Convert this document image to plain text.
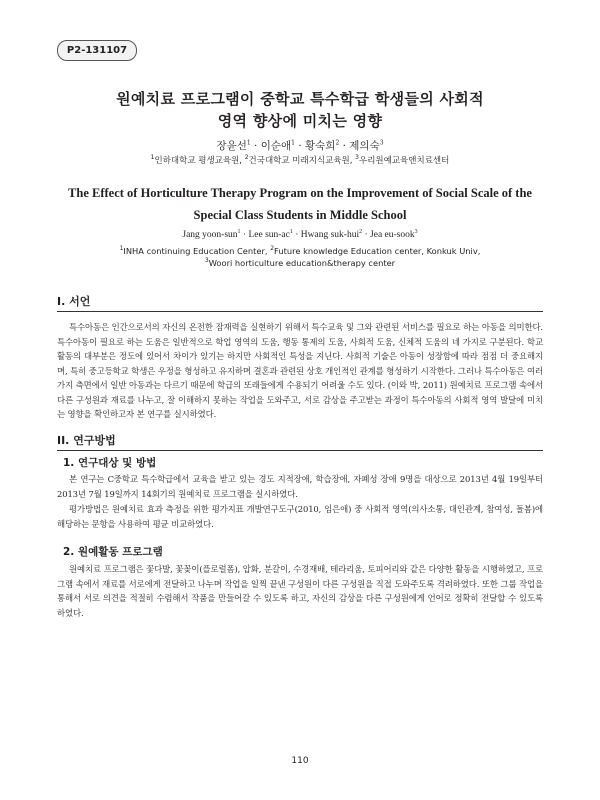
P2-131107
원예치료 프로그램이 중학교 특수학급 학생들의 사회적
영역 향상에 미치는 영향
장윤선$^1$ · 이순애$^1$ · 황숙희$^2$ · 제의숙$^3$
$^1$인하대학교 평생교육원, $^2$건국대학교 미래지식교육원, $^3$우리원예교육앤치료센터
The Effect of Horticulture Therapy Program on the Improvement of Social Scale of the
Special Class Students in Middle School
Jang yoon-sun$^1$ · Lee sun-$ac^1$ · Hwang suk-hui$^2$ · Jea eu-sook$^3$
$^1$INHA continuing Education Center, $^2$Future knowledge Education center, Konkuk Univ,
$^3$Woori horticulture education&therapy center
I. 서언

특수아동은 인간으로서의 자신의 온전한 잠재력을 실현하기 위해서 특수교육 및 그와 관련된 서비스를 필요로 하는 아동을 의미한다. 특수아동이 필요로 하는 도움은 일반적으로 학업 영역의 도움, 행동 통제의 도움, 사회적 도움, 신체적 도움의 네 가지로 구분된다. 학교 활동의 대부분은 정도에 있어서 차이가 있기는 하지만 사회적인 특성을 지닌다. 사회적 기술은 아동이 성장함에 따라 점점 더 중요해지며, 특히 중고등학교 학생은 우정을 형성하고 유지하며 결혼과 관련된 상호 개인적인 관계를 형성하기 시작한다. 그러나 특수아동은 여러 가지 측면에서 일반 아동과는 다르기 때문에 학급의 또래들에게 수용되기 어려울 수도 있다. (이와 박, 2011) 원예치료 프로그램 속에서 다른 구성원과 재료를 나누고, 잘 이해하지 못하는 작업을 도와주고, 서로 감상을 주고받는 과정이 특수아동의 사회적 영역 발달에 미치는 영향을 확인하고자 본 연구를 실시하였다.

II. 연구방법
1. 연구대상 및 방법

본 연구는 C중학교 특수학급에서 교육을 받고 있는 경도 지적장애, 학습장애, 자폐성 장애 9명을 대상으로 2013년 4월 19일부터 2013년 7월 19일까지 14회기의 원예치료 프로그램을 실시하였다.

평가방법은 원예치료 효과 측정을 위한 평가지표 개발연구도구(2010, 임은애) 중 사회적 영역(의사소통, 대인관계, 참여성, 돌봄)에 해당하는 문항을 사용하여 평균 비교하였다.

2. 원예활동 프로그램

원예치료 프로그램은 꽃다발, 꽃꽂이(플로럴폼), 압화, 분갈이, 수경재배, 테라리움, 토피어리와 같은 다양한 활동을 시행하였고, 프로그램 속에서 재료를 서로에게 전달하고 나누며 작업을 일찍 끝낸 구성원이 다른 구성원을 직접 도와주도록 격려하였다. 또한 그룹 작업을 통해서 서로 의견을 적절히 수렴해서 작품을 만들어갈 수 있도록 하고, 자신의 감상을 다른 구성원에게 언어로 정확히 전달할 수 있도록 하였다.

110
